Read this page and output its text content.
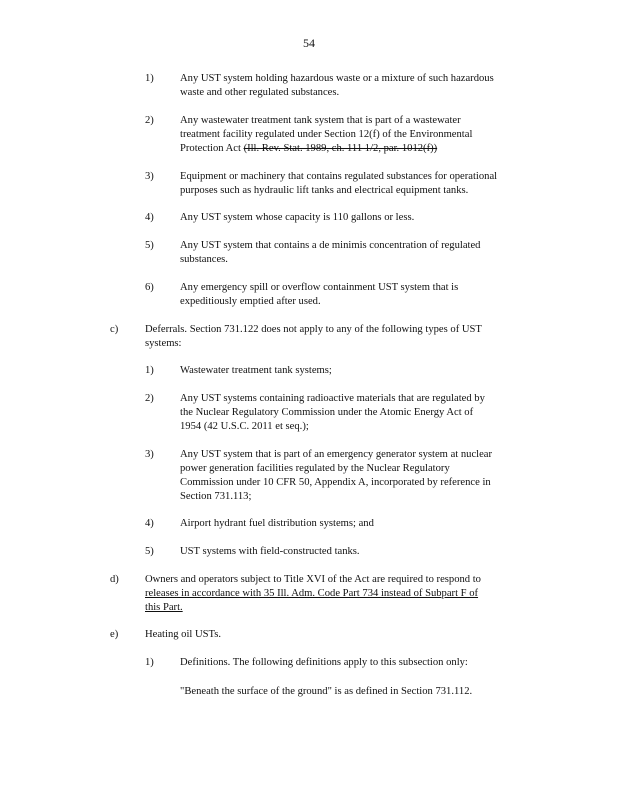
54
1) Any UST system holding hazardous waste or a mixture of such hazardous
waste and other regulated substances.
2) Any wastewater treatment tank system that is part of a wastewater
treatment facility regulated under Section 12(f) of the Environmental
Protection Act (Ill. Rev. Stat. 1989, ch. 111 1/2, par. 1012(f))
3) Equipment or machinery that contains regulated substances for operational
purposes such as hydraulic lift tanks and electrical equipment tanks.
4) Any UST system whose capacity is 110 gallons or less.
5) Any UST system that contains a de minimis concentration of regulated
substances.
6) Any emergency spill or overflow containment UST system that is
expeditiously emptied after used.
c)	Deferrals. Section 731.122 does not apply to any of the following types of UST
systems:
1) Wastewater treatment tank systems;
2) Any UST systems containing radioactive materials that are regulated by
the Nuclear Regulatory Commission under the Atomic Energy Act of
1954 (42 U.S.C. 2011 et seq.);
3) Any UST system that is part of an emergency generator system at nuclear
power generation facilities regulated by the Nuclear Regulatory
Commission under 10 CFR 50, Appendix A, incorporated by reference in
Section 731.113;
4) Airport hydrant fuel distribution systems; and
5) UST systems with field-constructed tanks.
d) Owners and operators subject to Title XVI of the Act are required to respond to
releases in accordance with 35 Ill. Adm. Code Part 734 instead of Subpart F of
this Part.
e)	Heating oil USTs.
1) Definitions. The following definitions apply to this subsection only:
"Beneath the surface of the ground" is as defined in Section 731.112.
